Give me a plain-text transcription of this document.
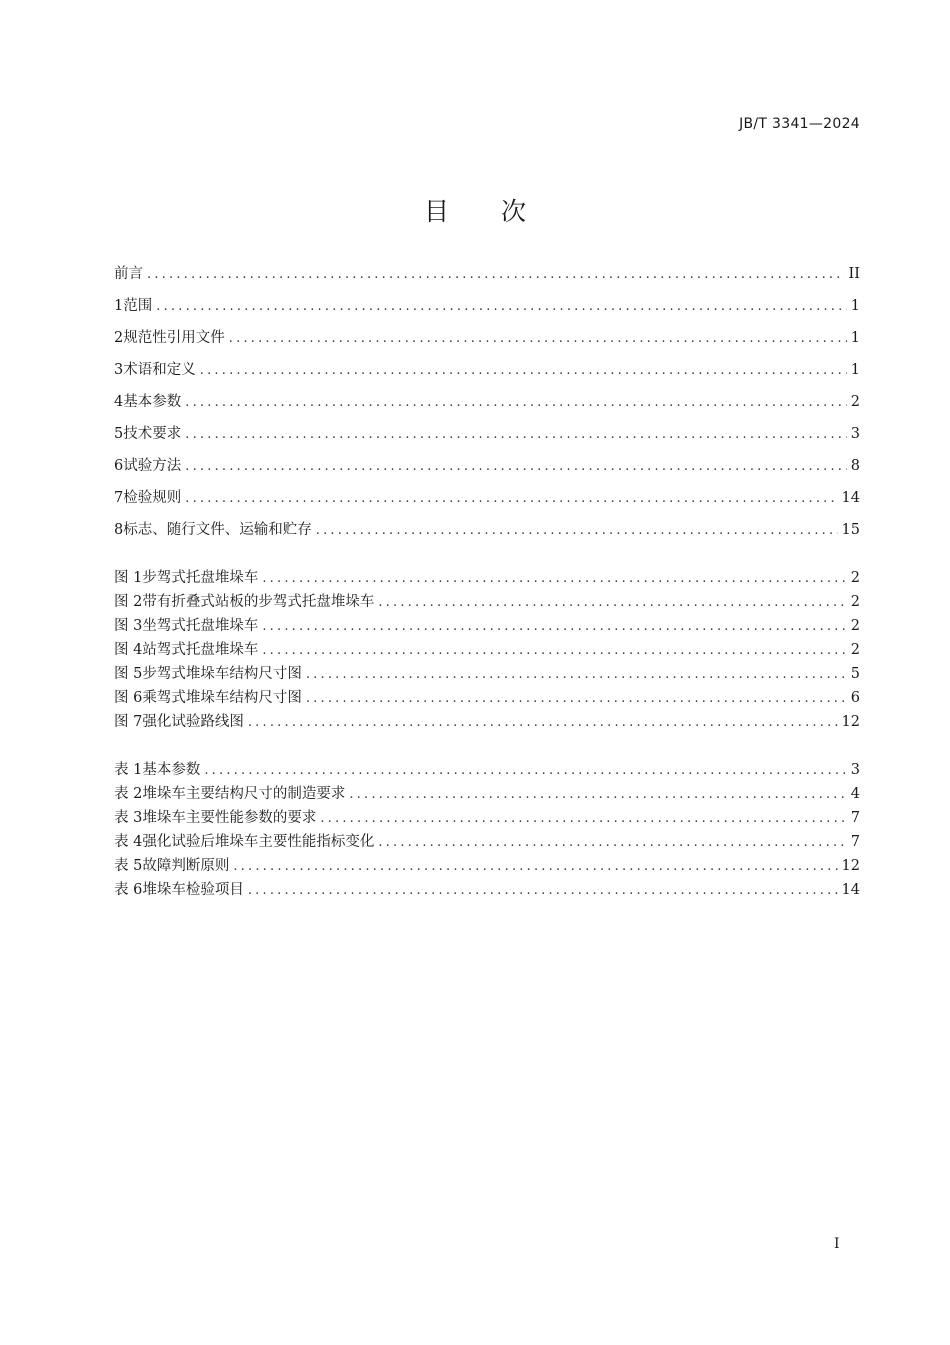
JB/T 3341—2024
目次
前言 .....	II
1 范围 .....	1
2 规范性引用文件 .....	1
3 术语和定义 .....	1
4 基本参数 .....	2
5 技术要求 .....	3
6 试验方法 .....	8
7 检验规则 .....	14
8 标志、随行文件、运输和贮存 .....	15
图 1 步驾式托盘堆垛车 .....	2
图 2 带有折叠式站板的步驾式托盘堆垛车 .....	2
图 3 坐驾式托盘堆垛车 .....	2
图 4 站驾式托盘堆垛车 .....	2
图 5 步驾式堆垛车结构尺寸图 .....	5
图 6 乘驾式堆垛车结构尺寸图 .....	6
图 7 强化试验路线图 .....	12
表 1 基本参数 .....	3
表 2 堆垛车主要结构尺寸的制造要求 .....	4
表 3 堆垛车主要性能参数的要求 .....	7
表 4 强化试验后堆垛车主要性能指标变化 .....	7
表 5 故障判断原则 .....	12
表 6 堆垛车检验项目 .....	14
I
